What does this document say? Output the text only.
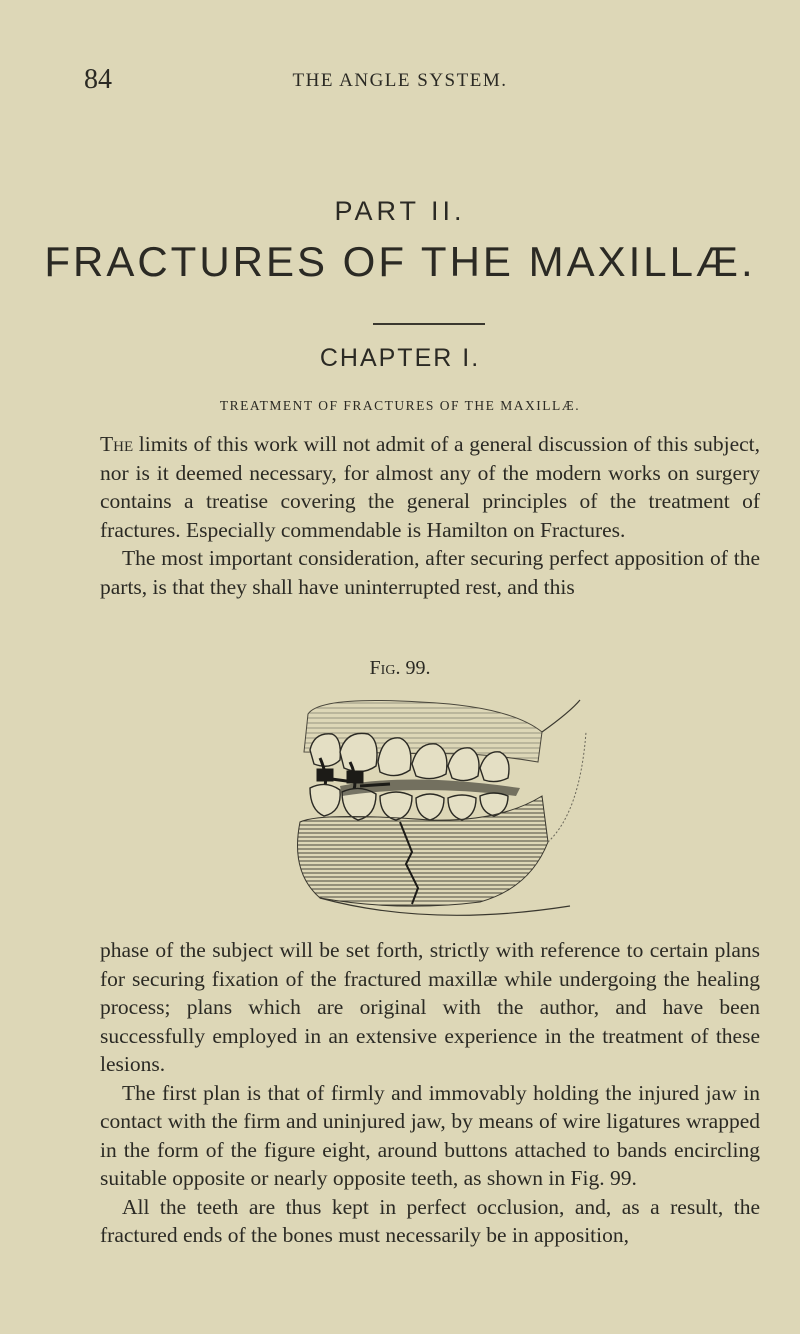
84	THE ANGLE SYSTEM.
PART II.
FRACTURES OF THE MAXILLÆ.
CHAPTER I.
TREATMENT OF FRACTURES OF THE MAXILLÆ.

The limits of this work will not admit of a general discussion of this subject, nor is it deemed necessary, for almost any of the modern works on surgery contains a treatise covering the general principles of the treatment of fractures. Especially commendable is Hamilton on Fractures.

The most important consideration, after securing perfect apposition of the parts, is that they shall have uninterrupted rest, and this

Fig. 99.

phase of the subject will be set forth, strictly with reference to certain plans for securing fixation of the fractured maxillæ while undergoing the healing process; plans which are original with the author, and have been successfully employed in an extensive experience in the treatment of these lesions.

The first plan is that of firmly and immovably holding the injured jaw in contact with the firm and uninjured jaw, by means of wire ligatures wrapped in the form of the figure eight, around buttons attached to bands encircling suitable opposite or nearly opposite teeth, as shown in Fig. 99.

All the teeth are thus kept in perfect occlusion, and, as a result, the fractured ends of the bones must necessarily be in apposition,
